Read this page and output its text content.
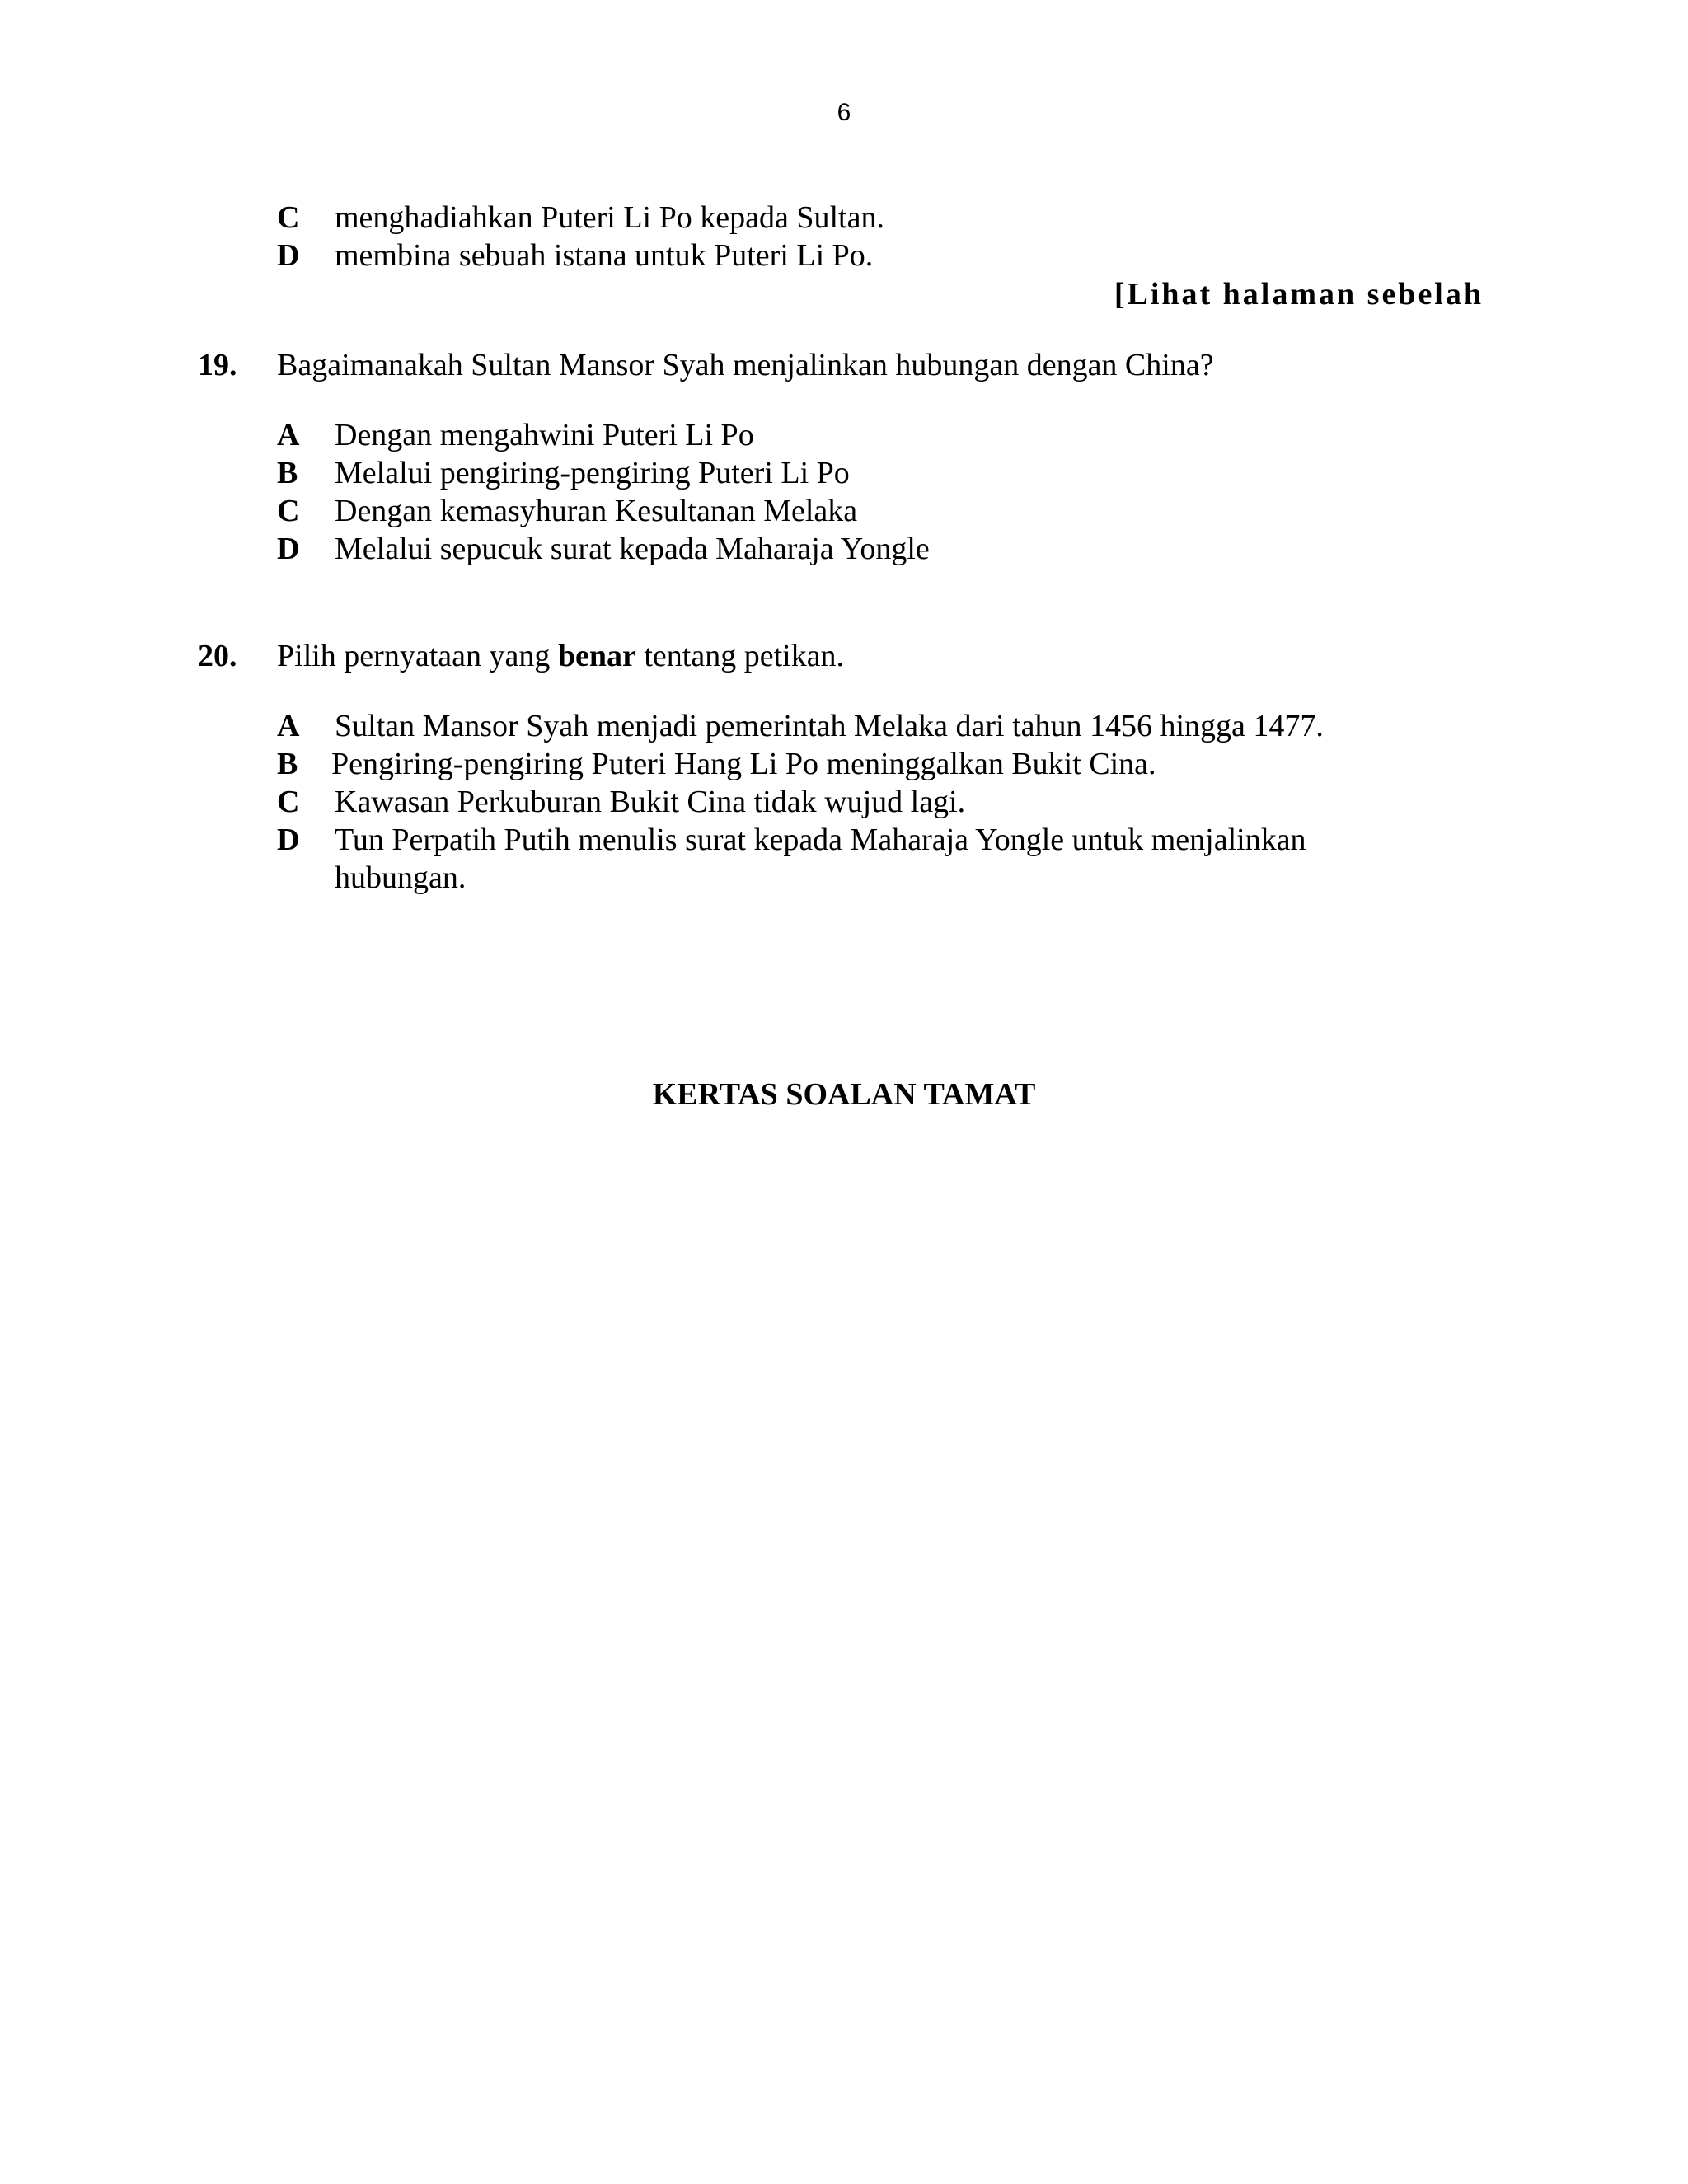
6
C	menghadiahkan Puteri Li Po kepada Sultan.
D	membina sebuah istana untuk Puteri Li Po.
[Lihat halaman sebelah
19. Bagaimanakah Sultan Mansor Syah menjalinkan hubungan dengan China?
A	Dengan mengahwini Puteri Li Po
B	Melalui pengiring-pengiring Puteri Li Po
C	Dengan kemasyhuran Kesultanan Melaka
D	Melalui sepucuk surat kepada Maharaja Yongle
20. Pilih pernyataan yang benar tentang petikan.
A	Sultan Mansor Syah menjadi pemerintah Melaka dari tahun 1456 hingga 1477.
B	Pengiring-pengiring Puteri Hang Li Po meninggalkan Bukit Cina.
C	Kawasan Perkuburan Bukit Cina tidak wujud lagi.
D	Tun Perpatih Putih menulis surat kepada Maharaja Yongle untuk menjalinkan hubungan.
KERTAS SOALAN TAMAT
